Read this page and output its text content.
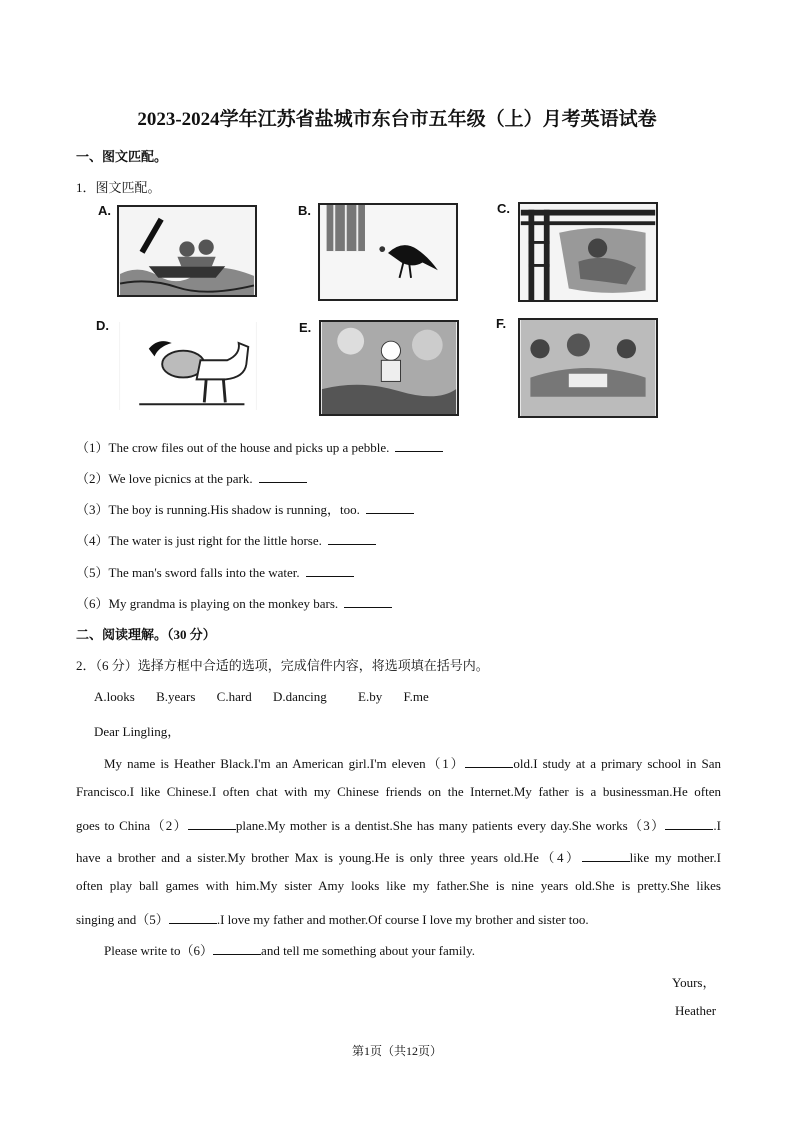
2023-2024学年江苏省盐城市东台市五年级（上）月考英语试卷
一、图文匹配。
1．图文匹配。
A.	B.	C.
D.	E.	F.
（1）The crow files out of the house and picks up a pebble.
（2）We love picnics at the park.
（3）The boy is running.His shadow is running，too.
（4）The water is just right for the little horse.
（5）The man's sword falls into the water.
（6）My grandma is playing on the monkey bars.
二、阅读理解。（30 分）
2．（6 分）选择方框中合适的选项，完成信件内容，将选项填在括号内。
A.looks B.years C.hard D.dancing E.by F.me
Dear Lingling，
My name is Heather Black.I'm an American girl.I'm eleven（1）	old.I study at a primary school in San
Francisco.I like Chinese.I often chat with my Chinese friends on the Internet.My father is a businessman.He often
goes to China（2）	plane.My mother is a dentist.She has many patients every day.She works（3）	.I
have a brother and a sister.My brother Max is young.He is only three years old.He（4）	like my mother.I
often play ball games with him.My sister Amy looks like my father.She is nine years old.She is pretty.She likes
singing and（5）	.I love my father and mother.Of course I love my brother and sister too.
Please write to（6）	and tell me something about your family.
Yours，
Heather
第1页（共12页）
